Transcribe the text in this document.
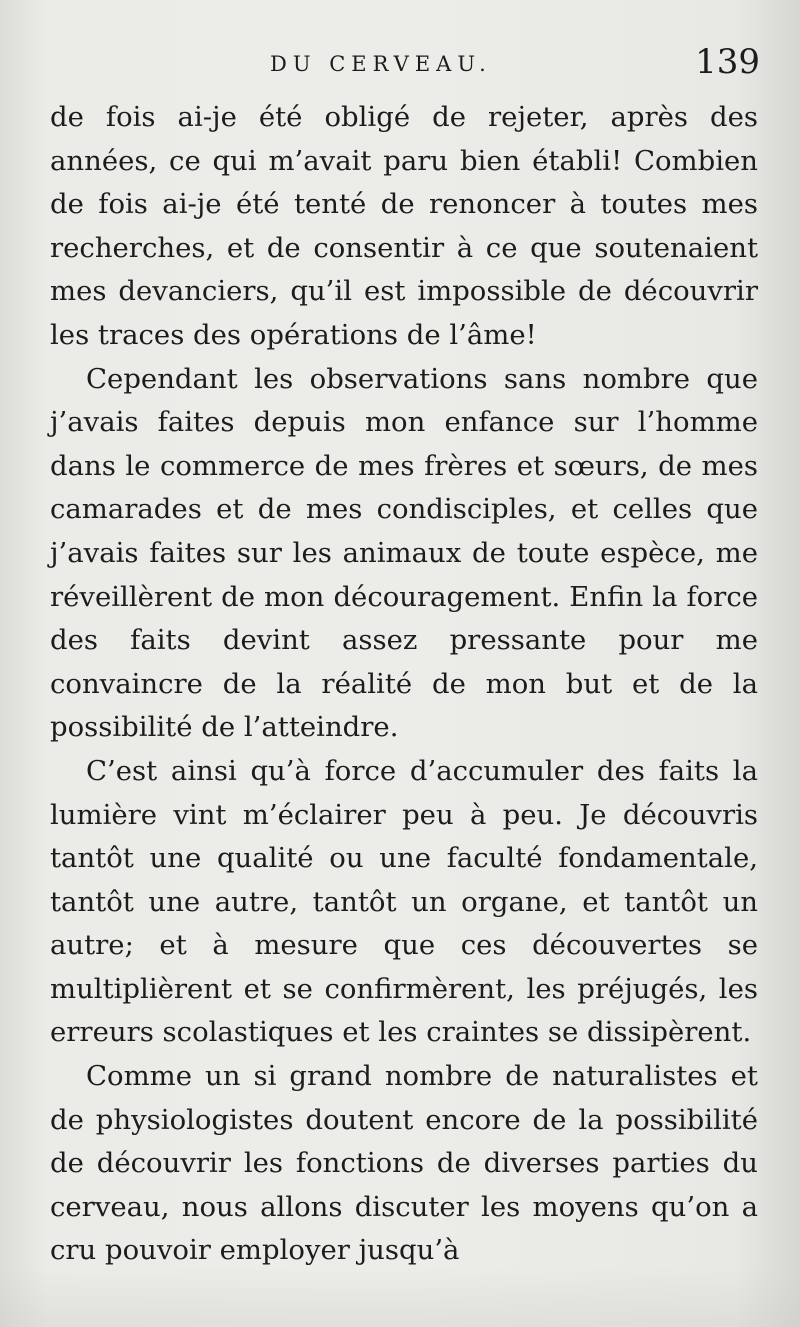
DU CERVEAU.	139

de fois ai-je été obligé de rejeter, après des années, ce qui m’avait paru bien établi! Combien de fois ai-je été tenté de renoncer à toutes mes recherches, et de consentir à ce que soutenaient mes devanciers, qu’il est impossible de découvrir les traces des opérations de l’âme!

Cependant les observations sans nombre que j’avais faites depuis mon enfance sur l’homme dans le commerce de mes frères et sœurs, de mes camarades et de mes condisciples, et celles que j’avais faites sur les animaux de toute espèce, me réveillèrent de mon découragement. Enfin la force des faits devint assez pressante pour me convaincre de la réalité de mon but et de la possibilité de l’atteindre.

C’est ainsi qu’à force d’accumuler des faits la lumière vint m’éclairer peu à peu. Je découvris tantôt une qualité ou une faculté fondamentale, tantôt une autre, tantôt un organe, et tantôt un autre; et à mesure que ces découvertes se multiplièrent et se confirmèrent, les préjugés, les erreurs scolastiques et les craintes se dissipèrent.

Comme un si grand nombre de naturalistes et de physiologistes doutent encore de la possibilité de découvrir les fonctions de diverses parties du cerveau, nous allons discuter les moyens qu’on a cru pouvoir employer jusqu’à
